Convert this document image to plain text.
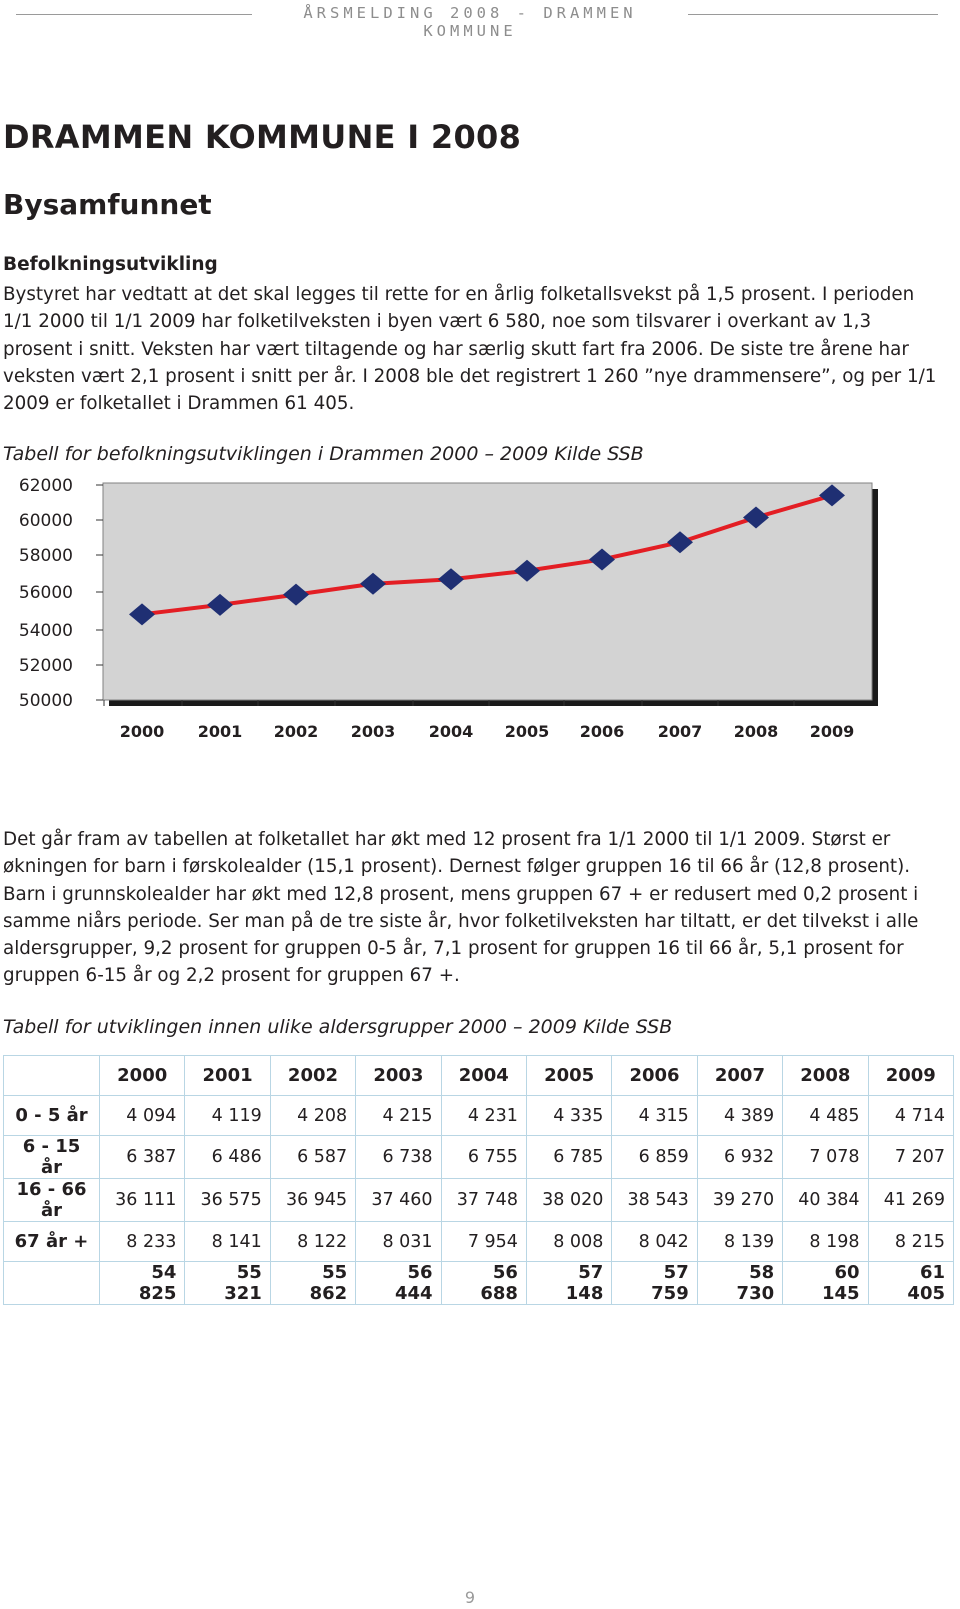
ÅRSMELDING 2008 - DRAMMEN KOMMUNE
DRAMMEN KOMMUNE I 2008
Bysamfunnet
Befolkningsutvikling

Bystyret har vedtatt at det skal legges til rette for en årlig folketallsvekst på 1,5 prosent. I perioden 1/1 2000 til 1/1 2009 har folketilveksten i byen vært 6 580, noe som tilsvarer i overkant av 1,3 prosent i snitt. Veksten har vært tiltagende og har særlig skutt fart fra 2006. De siste tre årene har veksten vært 2,1 prosent i snitt per år. I 2008 ble det registrert 1 260 ”nye drammensere”, og per 1/1 2009 er folketallet i Drammen 61 405.

Tabell for befolkningsutviklingen i Drammen 2000 – 2009 Kilde SSB

62000
60000
58000
56000
54000
52000
50000
2000 2001 2002 2003 2004 2005 2006 2007 2008 2009

Det går fram av tabellen at folketallet har økt med 12 prosent fra 1/1 2000 til 1/1 2009. Størst er økningen for barn i førskolealder (15,1 prosent). Dernest følger gruppen 16 til 66 år (12,8 prosent). Barn i grunnskolealder har økt med 12,8 prosent, mens gruppen 67 + er redusert med 0,2 prosent i samme niårs periode. Ser man på de tre siste år, hvor folketilveksten har tiltatt, er det tilvekst i alle aldersgrupper, 9,2 prosent for gruppen 0-5 år, 7,1 prosent for gruppen 16 til 66 år, 5,1 prosent for gruppen 6-15 år og 2,2 prosent for gruppen 67 +.

Tabell for utviklingen innen ulike aldersgrupper 2000 – 2009 Kilde SSB

	2000	2001	2002	2003	2004	2005	2006	2007	2008	2009
0 - 5 år	4 094	4 119	4 208	4 215	4 231	4 335	4 315	4 389	4 485	4 714
6 - 15 år	6 387	6 486	6 587	6 738	6 755	6 785	6 859	6 932	7 078	7 207
16 - 66 år	36 111	36 575	36 945	37 460	37 748	38 020	38 543	39 270	40 384	41 269
67 år +	8 233	8 141	8 122	8 031	7 954	8 008	8 042	8 139	8 198	8 215
	54 825	55 321	55 862	56 444	56 688	57 148	57 759	58 730	60 145	61 405
9
